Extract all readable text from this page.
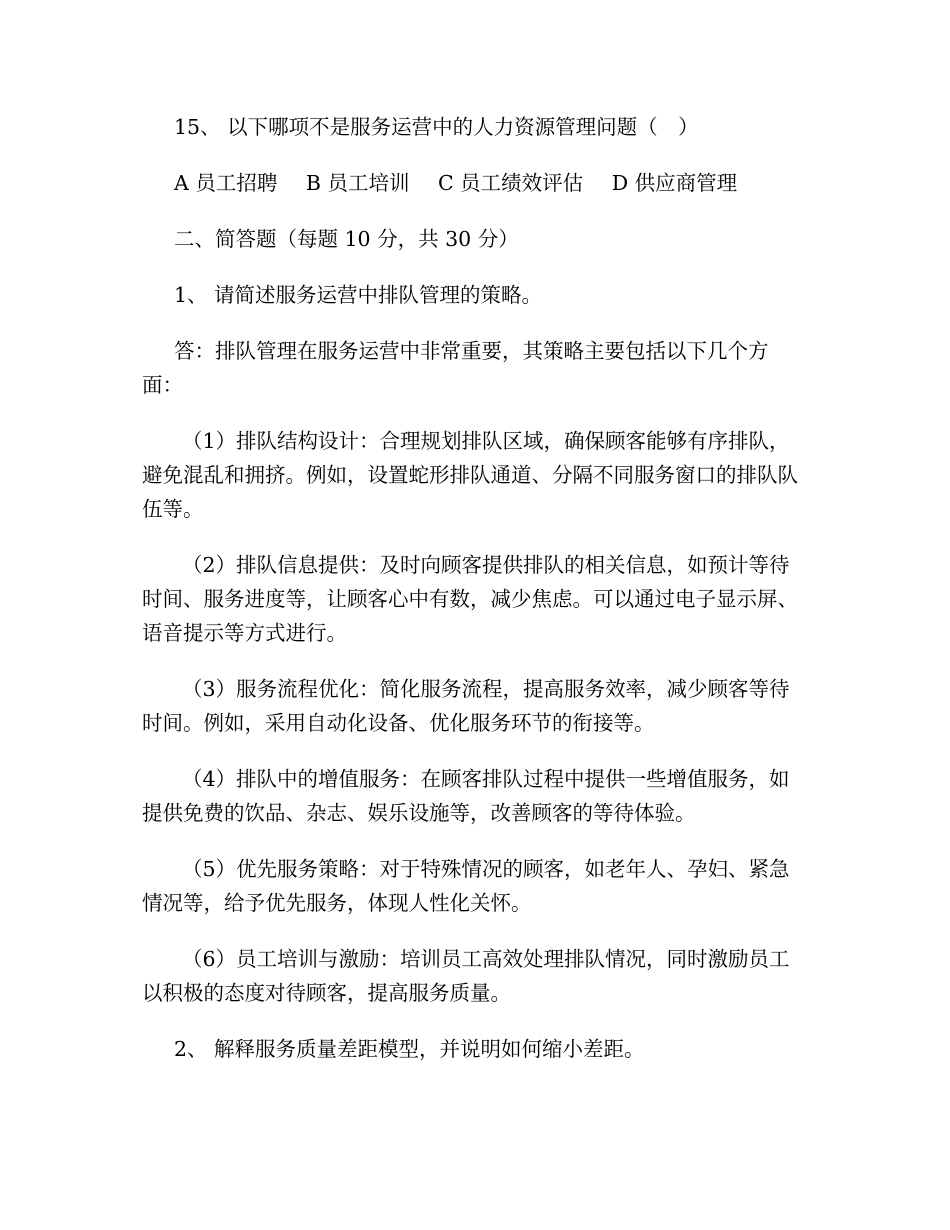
15、 以下哪项不是服务运营中的人力资源管理问题（　）

A 员工招聘 B 员工培训 C 员工绩效评估 D 供应商管理

二、简答题（每题 10 分，共 30 分）

1、 请简述服务运营中排队管理的策略。

答：排队管理在服务运营中非常重要，其策略主要包括以下几个方面：

（1）排队结构设计：合理规划排队区域，确保顾客能够有序排队，避免混乱和拥挤。例如，设置蛇形排队通道、分隔不同服务窗口的排队队伍等。

（2）排队信息提供：及时向顾客提供排队的相关信息，如预计等待时间、服务进度等，让顾客心中有数，减少焦虑。可以通过电子显示屏、语音提示等方式进行。

（3）服务流程优化：简化服务流程，提高服务效率，减少顾客等待时间。例如，采用自动化设备、优化服务环节的衔接等。

（4）排队中的增值服务：在顾客排队过程中提供一些增值服务，如提供免费的饮品、杂志、娱乐设施等，改善顾客的等待体验。

（5）优先服务策略：对于特殊情况的顾客，如老年人、孕妇、紧急情况等，给予优先服务，体现人性化关怀。

（6）员工培训与激励：培训员工高效处理排队情况，同时激励员工以积极的态度对待顾客，提高服务质量。

2、 解释服务质量差距模型，并说明如何缩小差距。
